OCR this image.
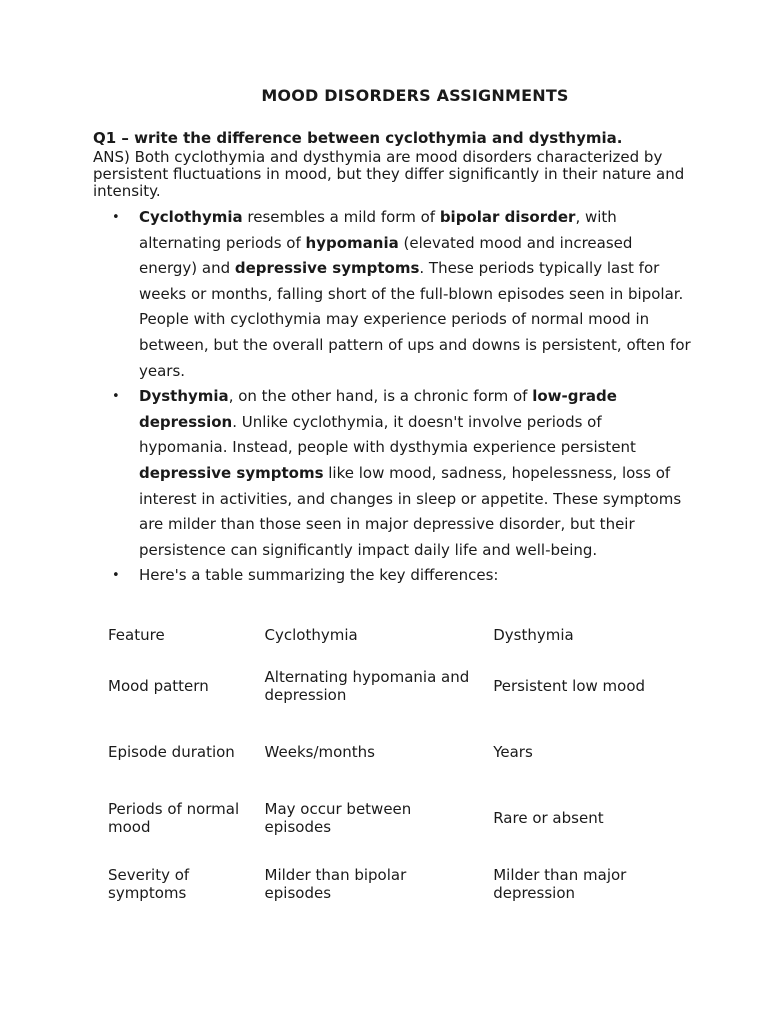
MOOD DISORDERS ASSIGNMENTS
Q1 – write the difference between cyclothymia and dysthymia.
ANS) Both cyclothymia and dysthymia are mood disorders characterized by persistent fluctuations in mood, but they differ significantly in their nature and intensity.
• Cyclothymia resembles a mild form of bipolar disorder, with alternating periods of hypomania (elevated mood and increased energy) and depressive symptoms. These periods typically last for weeks or months, falling short of the full-blown episodes seen in bipolar. People with cyclothymia may experience periods of normal mood in between, but the overall pattern of ups and downs is persistent, often for years.
• Dysthymia, on the other hand, is a chronic form of low-grade depression. Unlike cyclothymia, it doesn't involve periods of hypomania. Instead, people with dysthymia experience persistent depressive symptoms like low mood, sadness, hopelessness, loss of interest in activities, and changes in sleep or appetite. These symptoms are milder than those seen in major depressive disorder, but their persistence can significantly impact daily life and well-being.
• Here's a table summarizing the key differences:
Feature	Cyclothymia	Dysthymia
Mood pattern	Alternating hypomania and depression	Persistent low mood
Episode duration	Weeks/months	Years
Periods of normal mood	May occur between episodes	Rare or absent
Severity of symptoms	Milder than bipolar episodes	Milder than major depression
